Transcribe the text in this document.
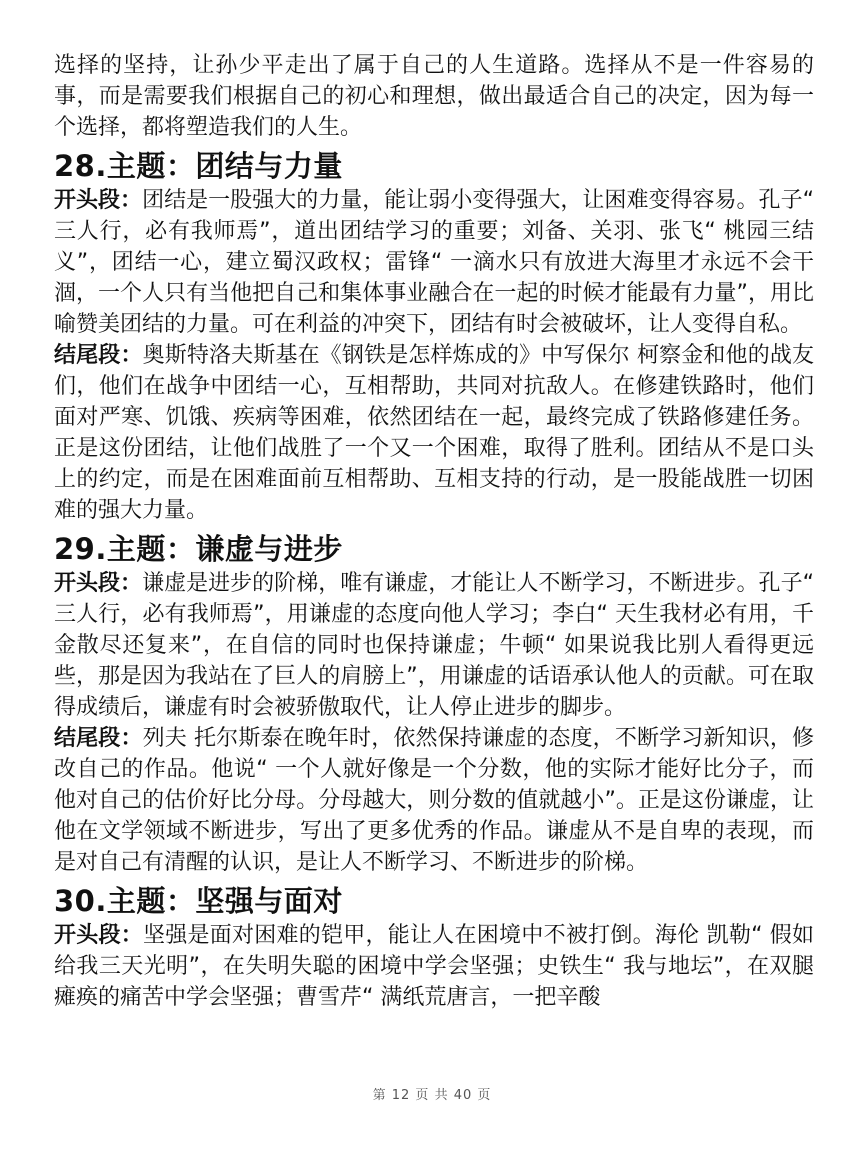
选择的坚持，让孙少平走出了属于自己的人生道路。选择从不是一件容易的事，而是需要我们根据自己的初心和理想，做出最适合自己的决定，因为每一个选择，都将塑造我们的人生。

28.主题：团结与力量

开头段：团结是一股强大的力量，能让弱小变得强大，让困难变得容易。孔子“ 三人行，必有我师焉”，道出团结学习的重要；刘备、关羽、张飞“ 桃园三结义”，团结一心，建立蜀汉政权；雷锋“ 一滴水只有放进大海里才永远不会干涸，一个人只有当他把自己和集体事业融合在一起的时候才能最有力量”，用比喻赞美团结的力量。可在利益的冲突下，团结有时会被破坏，让人变得自私。

结尾段：奥斯特洛夫斯基在《钢铁是怎样炼成的》中写保尔 柯察金和他的战友们，他们在战争中团结一心，互相帮助，共同对抗敌人。在修建铁路时，他们面对严寒、饥饿、疾病等困难，依然团结在一起，最终完成了铁路修建任务。正是这份团结，让他们战胜了一个又一个困难，取得了胜利。团结从不是口头上的约定，而是在困难面前互相帮助、互相支持的行动，是一股能战胜一切困难的强大力量。

29.主题：谦虚与进步

开头段：谦虚是进步的阶梯，唯有谦虚，才能让人不断学习，不断进步。孔子“ 三人行，必有我师焉”，用谦虚的态度向他人学习；李白“ 天生我材必有用，千金散尽还复来”，在自信的同时也保持谦虚；牛顿“ 如果说我比别人看得更远些，那是因为我站在了巨人的肩膀上”，用谦虚的话语承认他人的贡献。可在取得成绩后，谦虚有时会被骄傲取代，让人停止进步的脚步。

结尾段：列夫 托尔斯泰在晚年时，依然保持谦虚的态度，不断学习新知识，修改自己的作品。他说“ 一个人就好像是一个分数，他的实际才能好比分子，而他对自己的估价好比分母。分母越大，则分数的值就越小”。正是这份谦虚，让他在文学领域不断进步，写出了更多优秀的作品。谦虚从不是自卑的表现，而是对自己有清醒的认识，是让人不断学习、不断进步的阶梯。

30.主题：坚强与面对

开头段：坚强是面对困难的铠甲，能让人在困境中不被打倒。海伦 凯勒“ 假如给我三天光明”，在失明失聪的困境中学会坚强；史铁生“ 我与地坛”，在双腿瘫痪的痛苦中学会坚强；曹雪芹“ 满纸荒唐言，一把辛酸

第 12 页 共 40 页
